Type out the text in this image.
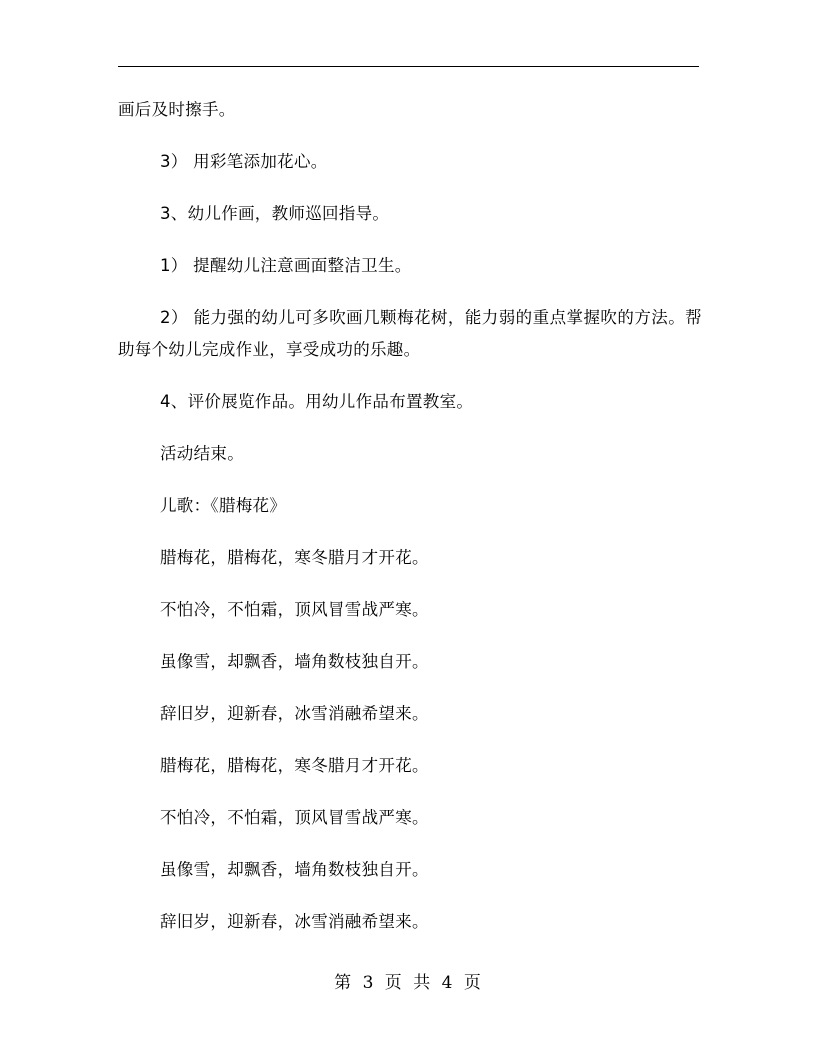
画后及时擦手。

3） 用彩笔添加花心。

3、幼儿作画，教师巡回指导。

1） 提醒幼儿注意画面整洁卫生。

2） 能力强的幼儿可多吹画几颗梅花树，能力弱的重点掌握吹的方法。帮助每个幼儿完成作业，享受成功的乐趣。

4、评价展览作品。用幼儿作品布置教室。

活动结束。

儿歌：《腊梅花》

腊梅花，腊梅花，寒冬腊月才开花。

不怕冷，不怕霜，顶风冒雪战严寒。

虽像雪，却飘香，墙角数枝独自开。

辞旧岁，迎新春，冰雪消融希望来。

腊梅花，腊梅花，寒冬腊月才开花。

不怕冷，不怕霜，顶风冒雪战严寒。

虽像雪，却飘香，墙角数枝独自开。

辞旧岁，迎新春，冰雪消融希望来。

第 3 页 共 4 页
